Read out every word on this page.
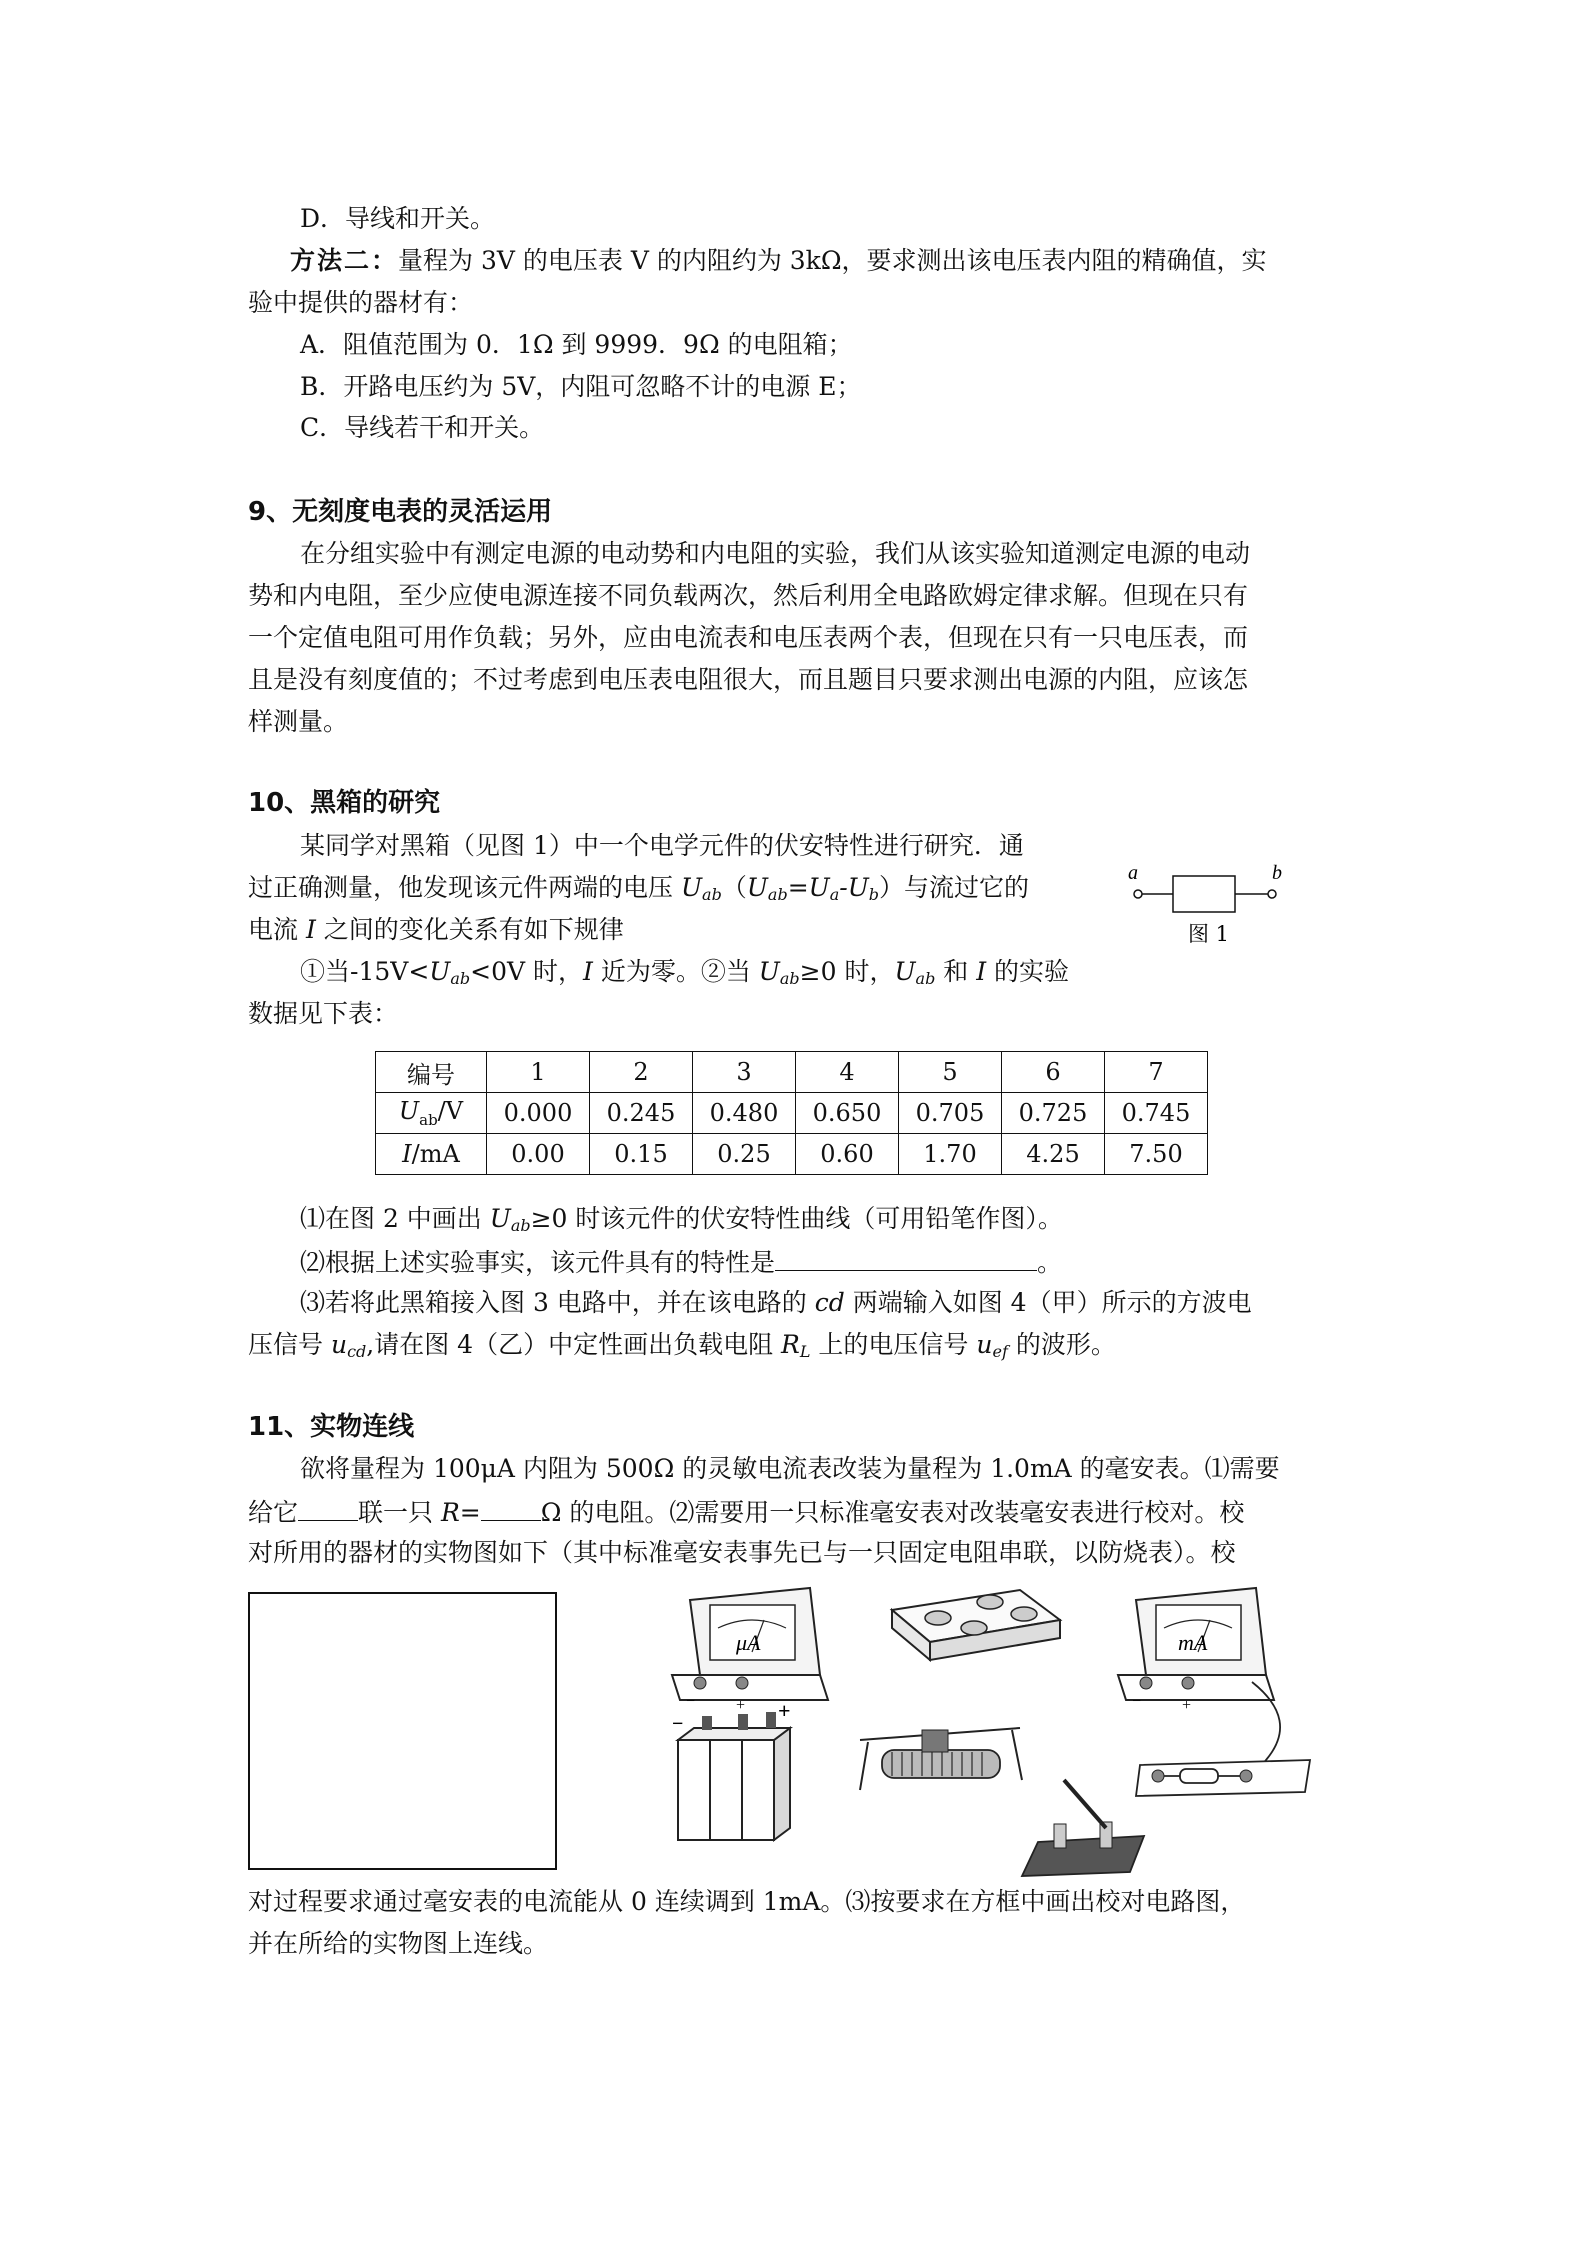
D．导线和开关。
方法二：量程为 3V 的电压表 V 的内阻约为 3kΩ，要求测出该电压表内阻的精确值，实
验中提供的器材有：
A．阻值范围为 0．1Ω 到 9999．9Ω 的电阻箱；
B．开路电压约为 5V，内阻可忽略不计的电源 E；
C．导线若干和开关。
9、无刻度电表的灵活运用
在分组实验中有测定电源的电动势和内电阻的实验，我们从该实验知道测定电源的电动
势和内电阻，至少应使电源连接不同负载两次，然后利用全电路欧姆定律求解。但现在只有
一个定值电阻可用作负载；另外，应由电流表和电压表两个表，但现在只有一只电压表，而
且是没有刻度值的；不过考虑到电压表电阻很大，而且题目只要求测出电源的内阻，应该怎
样测量。
10、黑箱的研究
某同学对黑箱（见图 1）中一个电学元件的伏安特性进行研究．通
过正确测量，他发现该元件两端的电压 $U_{ab}(U_{ab}=U_a-U_b)$与流过它的
电流 I 之间的变化关系有如下规律
①当$-15V<U_{ab}<0V$ 时，I 近为零。②当 $U_{ab}\ge 0$ 时，$U_{ab}$ 和 I 的实验
数据见下表：
a	b
图 1
编号	1	2	3	4	5	6	7
$U_{ab}/V$	0.000	0.245	0.480	0.650	0.705	0.725	0.745
I/mA	0.00	0.15	0.25	0.60	1.70	4.25	7.50
⑴在图 2 中画出 $U_{ab}\ge 0$ 时该元件的伏安特性曲线（可用铅笔作图）。
⑵根据上述实验事实，该元件具有的特性是	。
⑶若将此黑箱接入图 3 电路中，并在该电路的 cd 两端输入如图 4（甲）所示的方波电
压信号 $u_{cd}$,请在图 4（乙）中定性画出负载电阻 $R_L$ 上的电压信号 $u_{ef}$ 的波形。
11、实物连线
欲将量程为 100μA 内阻为 500Ω 的灵敏电流表改装为量程为 1.0mA 的毫安表。⑴需要
给它 联一只 R= Ω 的电阻。⑵需要用一只标准毫安表对改装毫安表进行校对。校
对所用的器材的实物图如下（其中标准毫安表事先已与一只固定电阻串联，以防烧表）。校
μA
−	+
mA
−	+
−
+
对过程要求通过毫安表的电流能从 0 连续调到 1mA。⑶按要求在方框中画出校对电路图，
并在所给的实物图上连线。
